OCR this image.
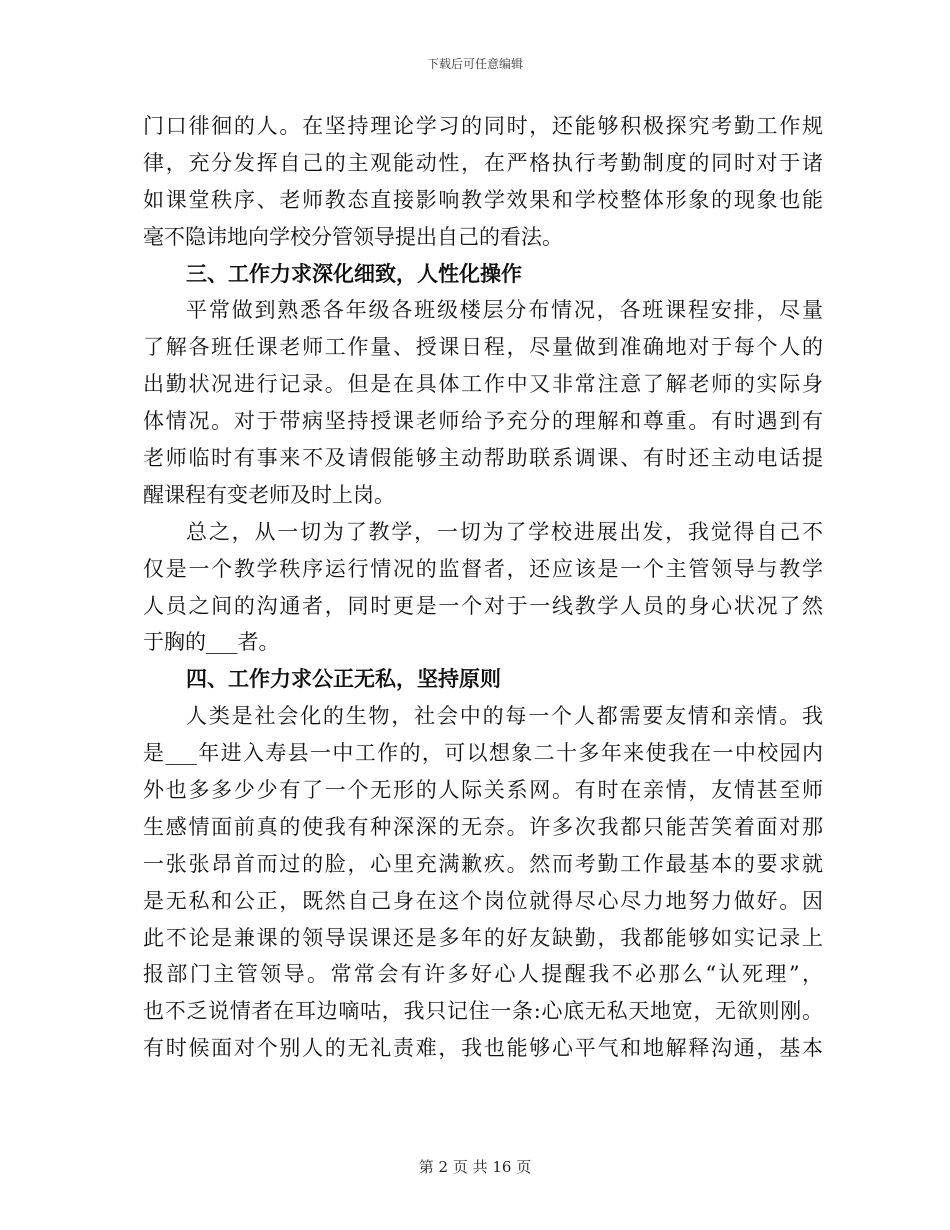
下载后可任意编辑
门口徘徊的人。在坚持理论学习的同时，还能够积极探究考勤工作规
律，充分发挥自己的主观能动性，在严格执行考勤制度的同时对于诸
如课堂秩序、老师教态直接影响教学效果和学校整体形象的现象也能
毫不隐讳地向学校分管领导提出自己的看法。
三、工作力求深化细致，人性化操作
平常做到熟悉各年级各班级楼层分布情况，各班课程安排，尽量
了解各班任课老师工作量、授课日程，尽量做到准确地对于每个人的
出勤状况进行记录。但是在具体工作中又非常注意了解老师的实际身
体情况。对于带病坚持授课老师给予充分的理解和尊重。有时遇到有
老师临时有事来不及请假能够主动帮助联系调课、有时还主动电话提
醒课程有变老师及时上岗。
总之，从一切为了教学，一切为了学校进展出发，我觉得自己不
仅是一个教学秩序运行情况的监督者，还应该是一个主管领导与教学
人员之间的沟通者，同时更是一个对于一线教学人员的身心状况了然
于胸的___者。
四、工作力求公正无私，坚持原则
人类是社会化的生物，社会中的每一个人都需要友情和亲情。我
是___年进入寿县一中工作的，可以想象二十多年来使我在一中校园内
外也多多少少有了一个无形的人际关系网。有时在亲情，友情甚至师
生感情面前真的使我有种深深的无奈。许多次我都只能苦笑着面对那
一张张昂首而过的脸，心里充满歉疚。然而考勤工作最基本的要求就
是无私和公正，既然自己身在这个岗位就得尽心尽力地努力做好。因
此不论是兼课的领导误课还是多年的好友缺勤，我都能够如实记录上
报部门主管领导。常常会有许多好心人提醒我不必那么“认死理”，
也不乏说情者在耳边嘀咕，我只记住一条:心底无私天地宽，无欲则刚。
有时候面对个别人的无礼责难，我也能够心平气和地解释沟通，基本
第 2 页 共 16 页
